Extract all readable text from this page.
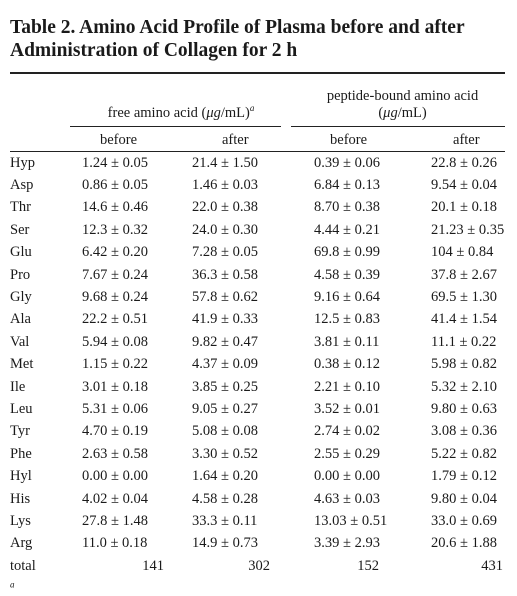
Table 2. Amino Acid Profile of Plasma before and after
Administration of Collagen for 2 h
	free amino acid $(\mu g/mL)^a$		peptide-bound amino acid
(μg/mL)	

	before	after	before	after

Hyp	1.24 ± 0.05	21.4 ± 1.50	0.39 ± 0.06	22.8 ± 0.26
Asp	0.86 ± 0.05	1.46 ± 0.03	6.84 ± 0.13	9.54 ± 0.04
Thr	14.6 ± 0.46	22.0 ± 0.38	8.70 ± 0.38	20.1 ± 0.18
Ser	12.3 ± 0.32	24.0 ± 0.30	4.44 ± 0.21	21.23 ± 0.35
Glu	6.42 ± 0.20	7.28 ± 0.05	69.8 ± 0.99	104 ± 0.84
Pro	7.67 ± 0.24	36.3 ± 0.58	4.58 ± 0.39	37.8 ± 2.67
Gly	9.68 ± 0.24	57.8 ± 0.62	9.16 ± 0.64	69.5 ± 1.30
Ala	22.2 ± 0.51	41.9 ± 0.33	12.5 ± 0.83	41.4 ± 1.54
Val	5.94 ± 0.08	9.82 ± 0.47	3.81 ± 0.11	11.1 ± 0.22
Met	1.15 ± 0.22	4.37 ± 0.09	0.38 ± 0.12	5.98 ± 0.82
Ile	3.01 ± 0.18	3.85 ± 0.25	2.21 ± 0.10	5.32 ± 2.10
Leu	5.31 ± 0.06	9.05 ± 0.27	3.52 ± 0.01	9.80 ± 0.63
Tyr	4.70 ± 0.19	5.08 ± 0.08	2.74 ± 0.02	3.08 ± 0.36
Phe	2.63 ± 0.58	3.30 ± 0.52	2.55 ± 0.29	5.22 ± 0.82
Hyl	0.00 ± 0.00	1.64 ± 0.20	0.00 ± 0.00	1.79 ± 0.12
His	4.02 ± 0.04	4.58 ± 0.28	4.63 ± 0.03	9.80 ± 0.04
Lys	27.8 ± 1.48	33.3 ± 0.11	13.03 ± 0.51	33.0 ± 0.69
Arg	11.0 ± 0.18	14.9 ± 0.73	3.39 ± 2.93	20.6 ± 1.88
total	141	302	152	431
$^a$
